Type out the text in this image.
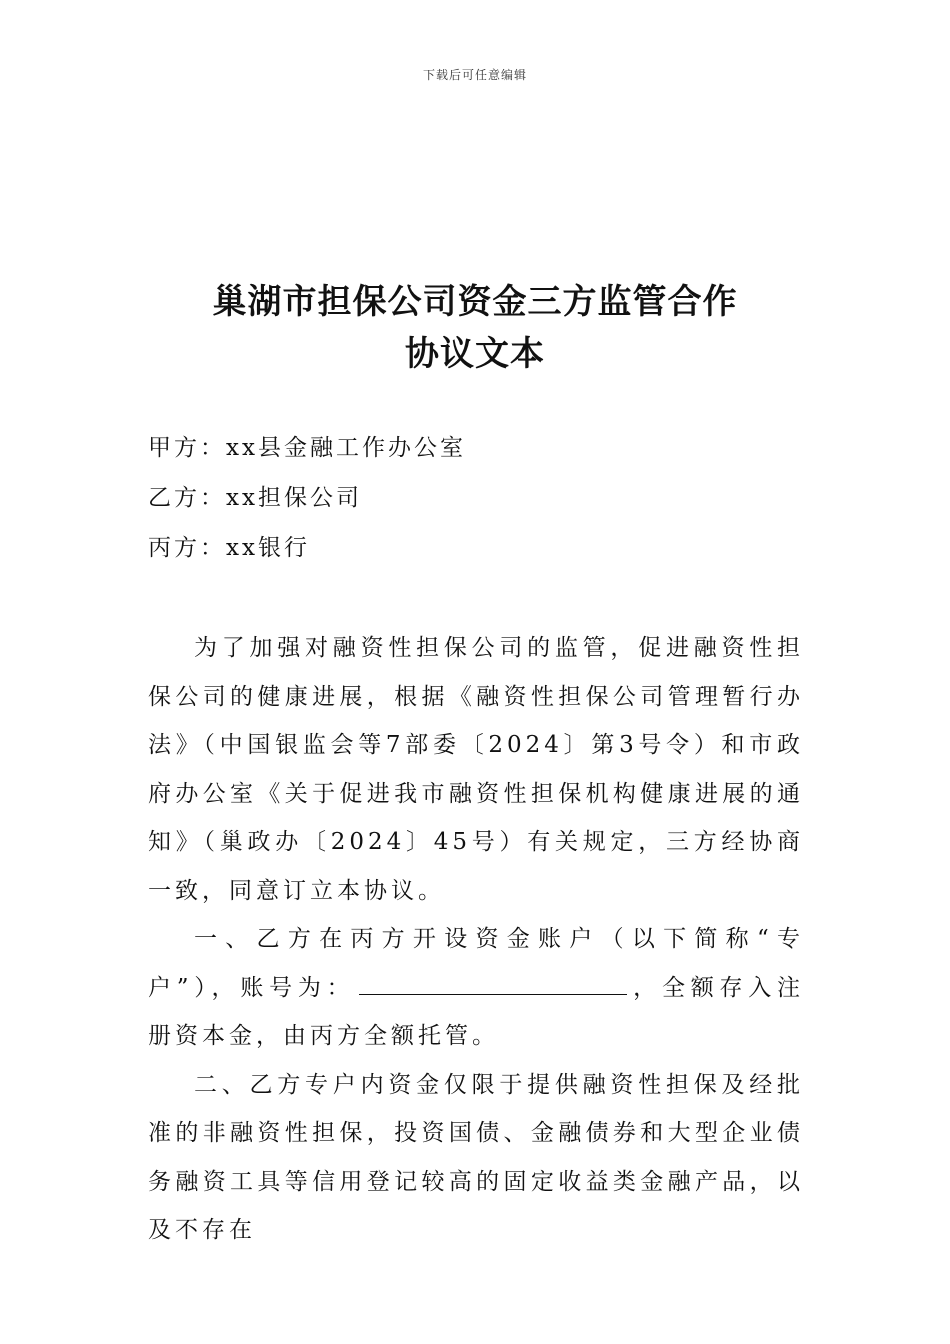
下载后可任意编辑
巢湖市担保公司资金三方监管合作
协议文本
甲方：xx县金融工作办公室
乙方：xx担保公司
丙方：xx银行

为了加强对融资性担保公司的监管，促进融资性担保公司的健康进展，根据《融资性担保公司管理暂行办法》（中国银监会等7部委〔2024〕第3号令）和市政府办公室《关于促进我市融资性担保机构健康进展的通知》（巢政办〔2024〕45号）有关规定，三方经协商一致，同意订立本协议。

一、乙方在丙方开设资金账户（以下简称“专户”），账号为：	，全额存入注册资本金，由丙方全额托管。

二、乙方专户内资金仅限于提供融资性担保及经批准的非融资性担保，投资国债、金融债券和大型企业债务融资工具等信用登记较高的固定收益类金融产品，以及不存在
